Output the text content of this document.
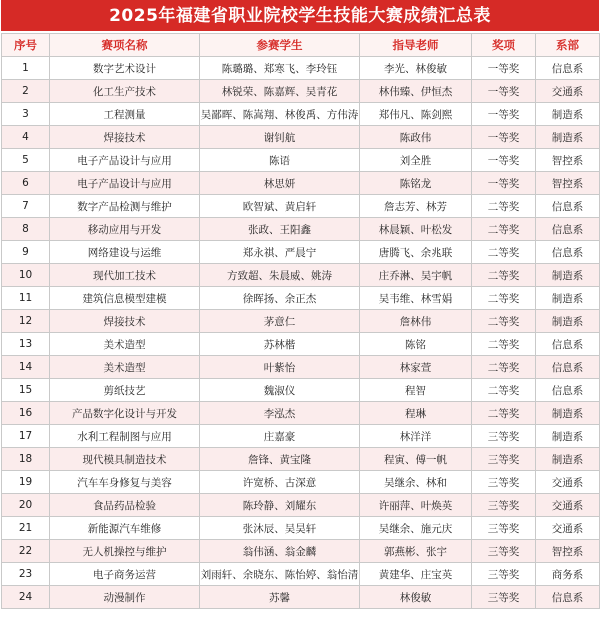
2025年福建省职业院校学生技能大赛成绩汇总表
序号	赛项名称	参赛学生	指导老师	奖项	系部
1	数字艺术设计	陈璐璐、郑寒飞、李玲钰	李光、林俊敏	一等奖	信息系
2	化工生产技术	林锐荣、陈嘉辉、吴青花	林伟臻、伊恒杰	一等奖	交通系
3	工程测量	吴鄙晖、陈嵩翔、林俊禹、方伟涛	郑伟凡、陈剑熙	一等奖	制造系
4	焊接技术	谢钊航	陈政伟	一等奖	制造系
5	电子产品设计与应用	陈语	刘全胜	一等奖	智控系
6	电子产品设计与应用	林思妍	陈铭龙	一等奖	智控系
7	数字产品检测与维护	欧智斌、黄启轩	詹志芳、林芳	二等奖	信息系
8	移动应用与开发	张政、王阳鑫	林晨颖、叶松发	二等奖	信息系
9	网络建设与运维	郑永祺、严晨宁	唐腾飞、余兆联	二等奖	信息系
10	现代加工技术	方致超、朱晨威、姚涛	庄乔淋、吴宇帆	二等奖	制造系
11	建筑信息模型建模	徐晖扬、余正杰	吴韦维、林雪娟	二等奖	制造系
12	焊接技术	茅意仁	詹林伟	二等奖	制造系
13	美术造型	苏林楷	陈铭	二等奖	信息系
14	美术造型	叶紫怡	林家萱	二等奖	信息系
15	剪纸技艺	魏淑仪	程智	二等奖	信息系
16	产品数字化设计与开发	李泓杰	程琳	二等奖	制造系
17	水利工程制图与应用	庄嘉豪	林洋洋	三等奖	制造系
18	现代模具制造技术	詹锋、黄宝隆	程寅、傅一帆	三等奖	制造系
19	汽车车身修复与美容	许宽桥、古深意	吴继余、林和	三等奖	交通系
20	食品药品检验	陈玲静、刘耀东	许丽萍、叶焕英	三等奖	交通系
21	新能源汽车维修	张沐辰、吴昊轩	吴继余、施元庆	三等奖	交通系
22	无人机操控与维护	翁伟涵、翁金麟	郭燕彬、张宇	三等奖	智控系
23	电子商务运营	刘雨轩、余晓东、陈怡婷、翁怡清	黄建华、庄宝英	三等奖	商务系
24	动漫制作	苏馨	林俊敏	三等奖	信息系
